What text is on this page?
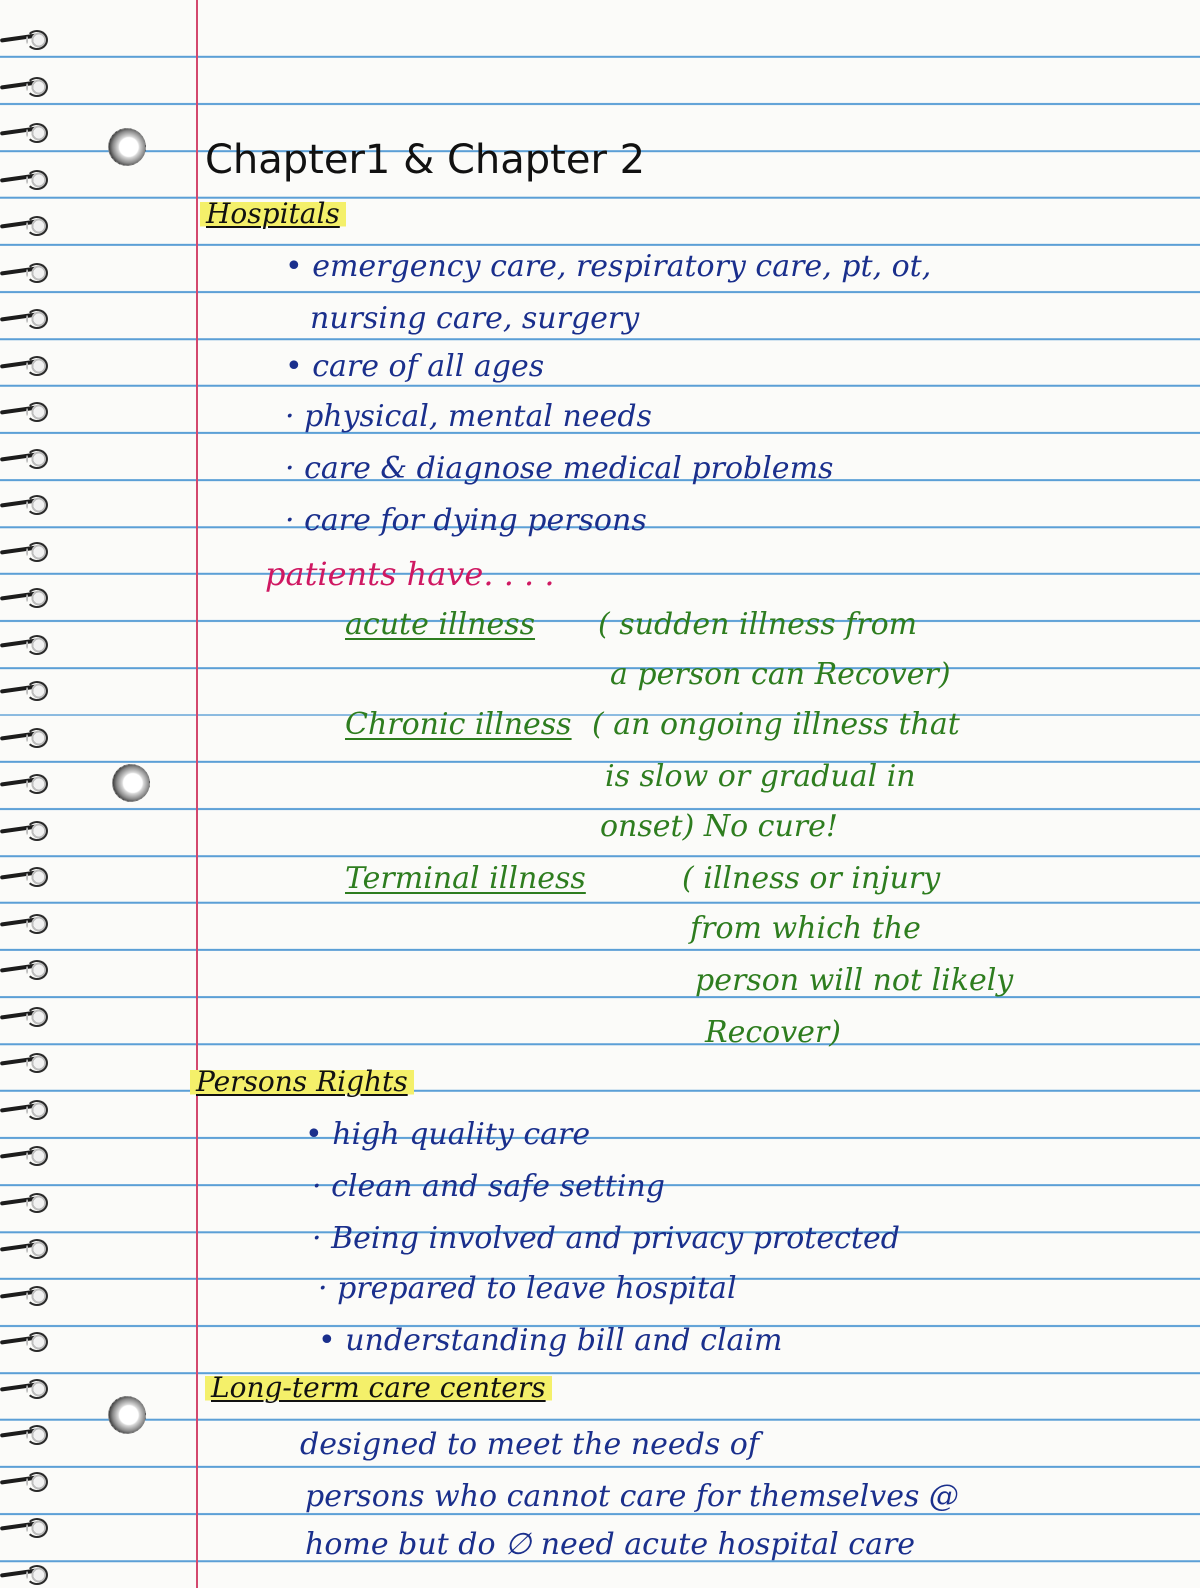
Chapter1 & Chapter 2
Hospitals
• emergency care, respiratory care, pt, ot,
nursing care, surgery
• care of all ages
· physical, mental needs
· care & diagnose medical problems
· care for dying persons
patients have. . . .
acute illness ( sudden illness from
a person can Recover)
Chronic illness ( an ongoing illness that
is slow or gradual in
onset) No cure!
Terminal illness	( illness or injury
from which the
person will not likely
Recover)
Persons Rights
• high quality care
· clean and safe setting
· Being involved and privacy protected
· prepared to leave hospital
• understanding bill and claim
Long-term care centers
designed to meet the needs of
persons who cannot care for themselves @
home but do ∅ need acute hospital care
